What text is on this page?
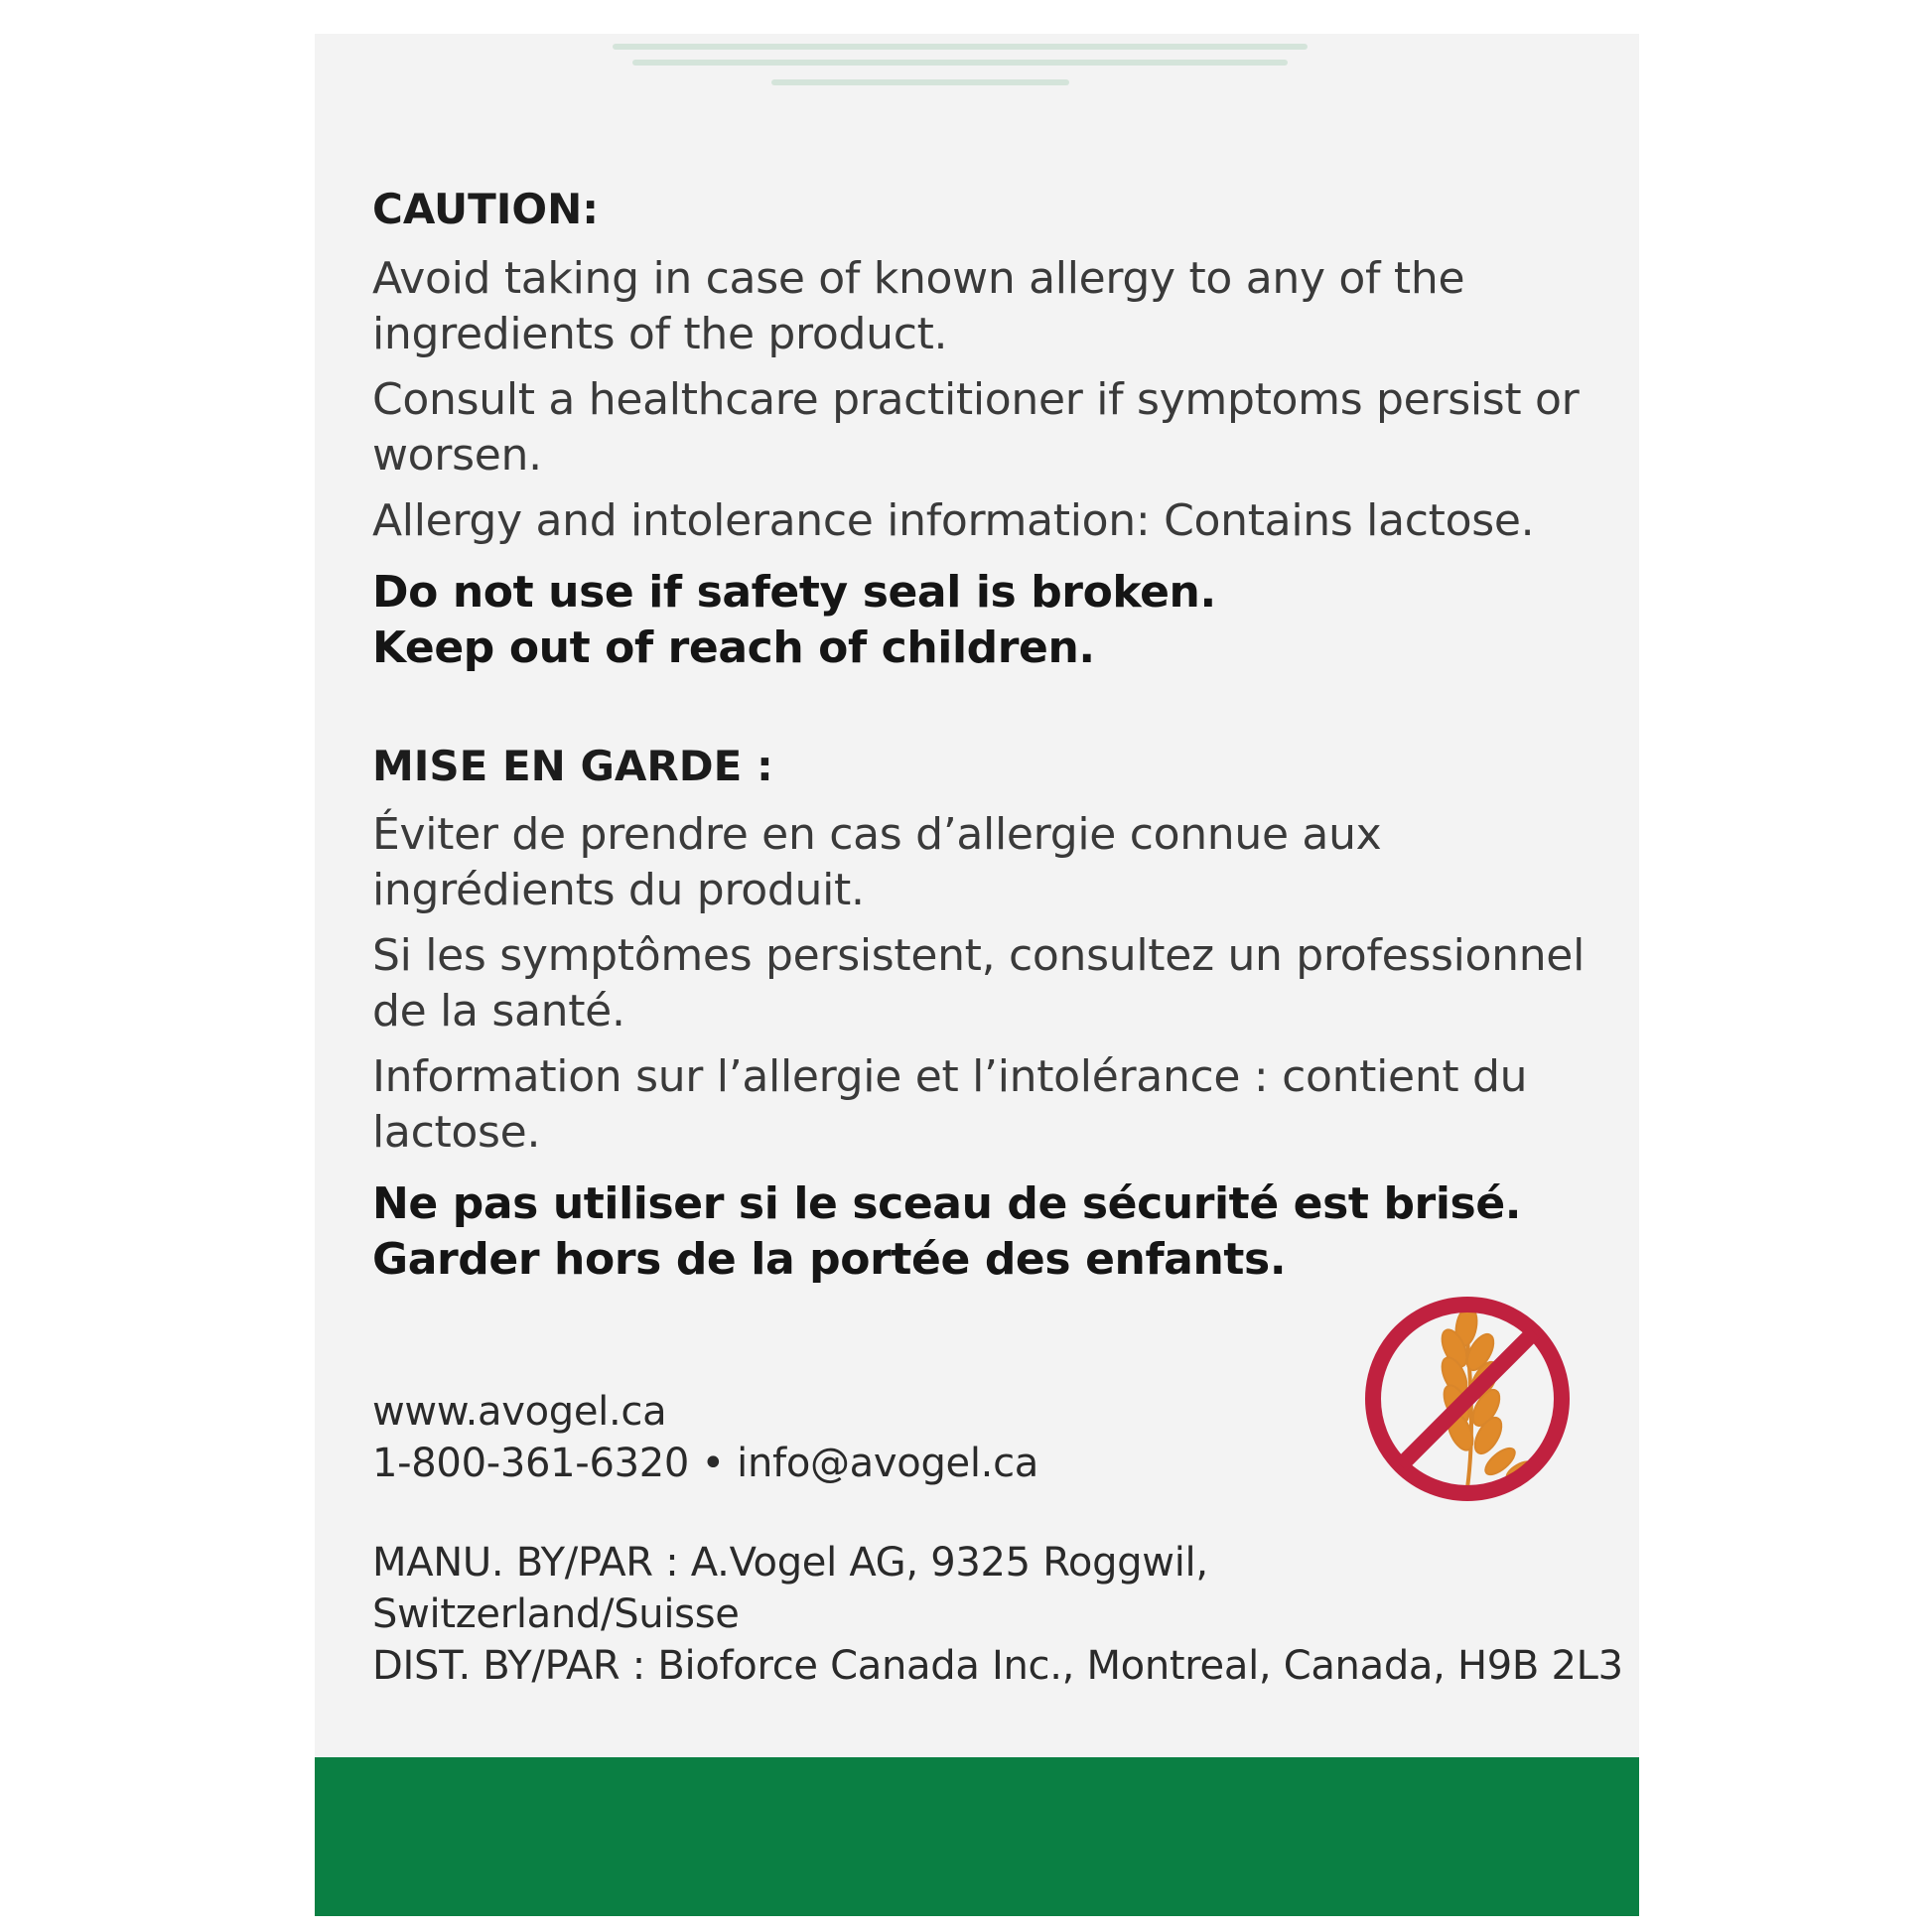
CAUTION:

Avoid taking in case of known allergy to any of the ingredients of the product.

Consult a healthcare practitioner if symptoms persist or worsen.

Allergy and intolerance information: Contains lactose.

Do not use if safety seal is broken.

Keep out of reach of children.

MISE EN GARDE :

Éviter de prendre en cas d’allergie connue aux ingrédients du produit.

Si les symptômes persistent, consultez un professionnel de la santé.

Information sur l’allergie et l’intolérance : contient du lactose.

Ne pas utiliser si le sceau de sécurité est brisé.

Garder hors de la portée des enfants.

www.avogel.ca
1-800-361-6320 • info@avogel.ca
MANU. BY/PAR : A.Vogel AG, 9325 Roggwil,
Switzerland/Suisse
DIST. BY/PAR : Bioforce Canada Inc., Montreal, Canada, H9B 2L3
